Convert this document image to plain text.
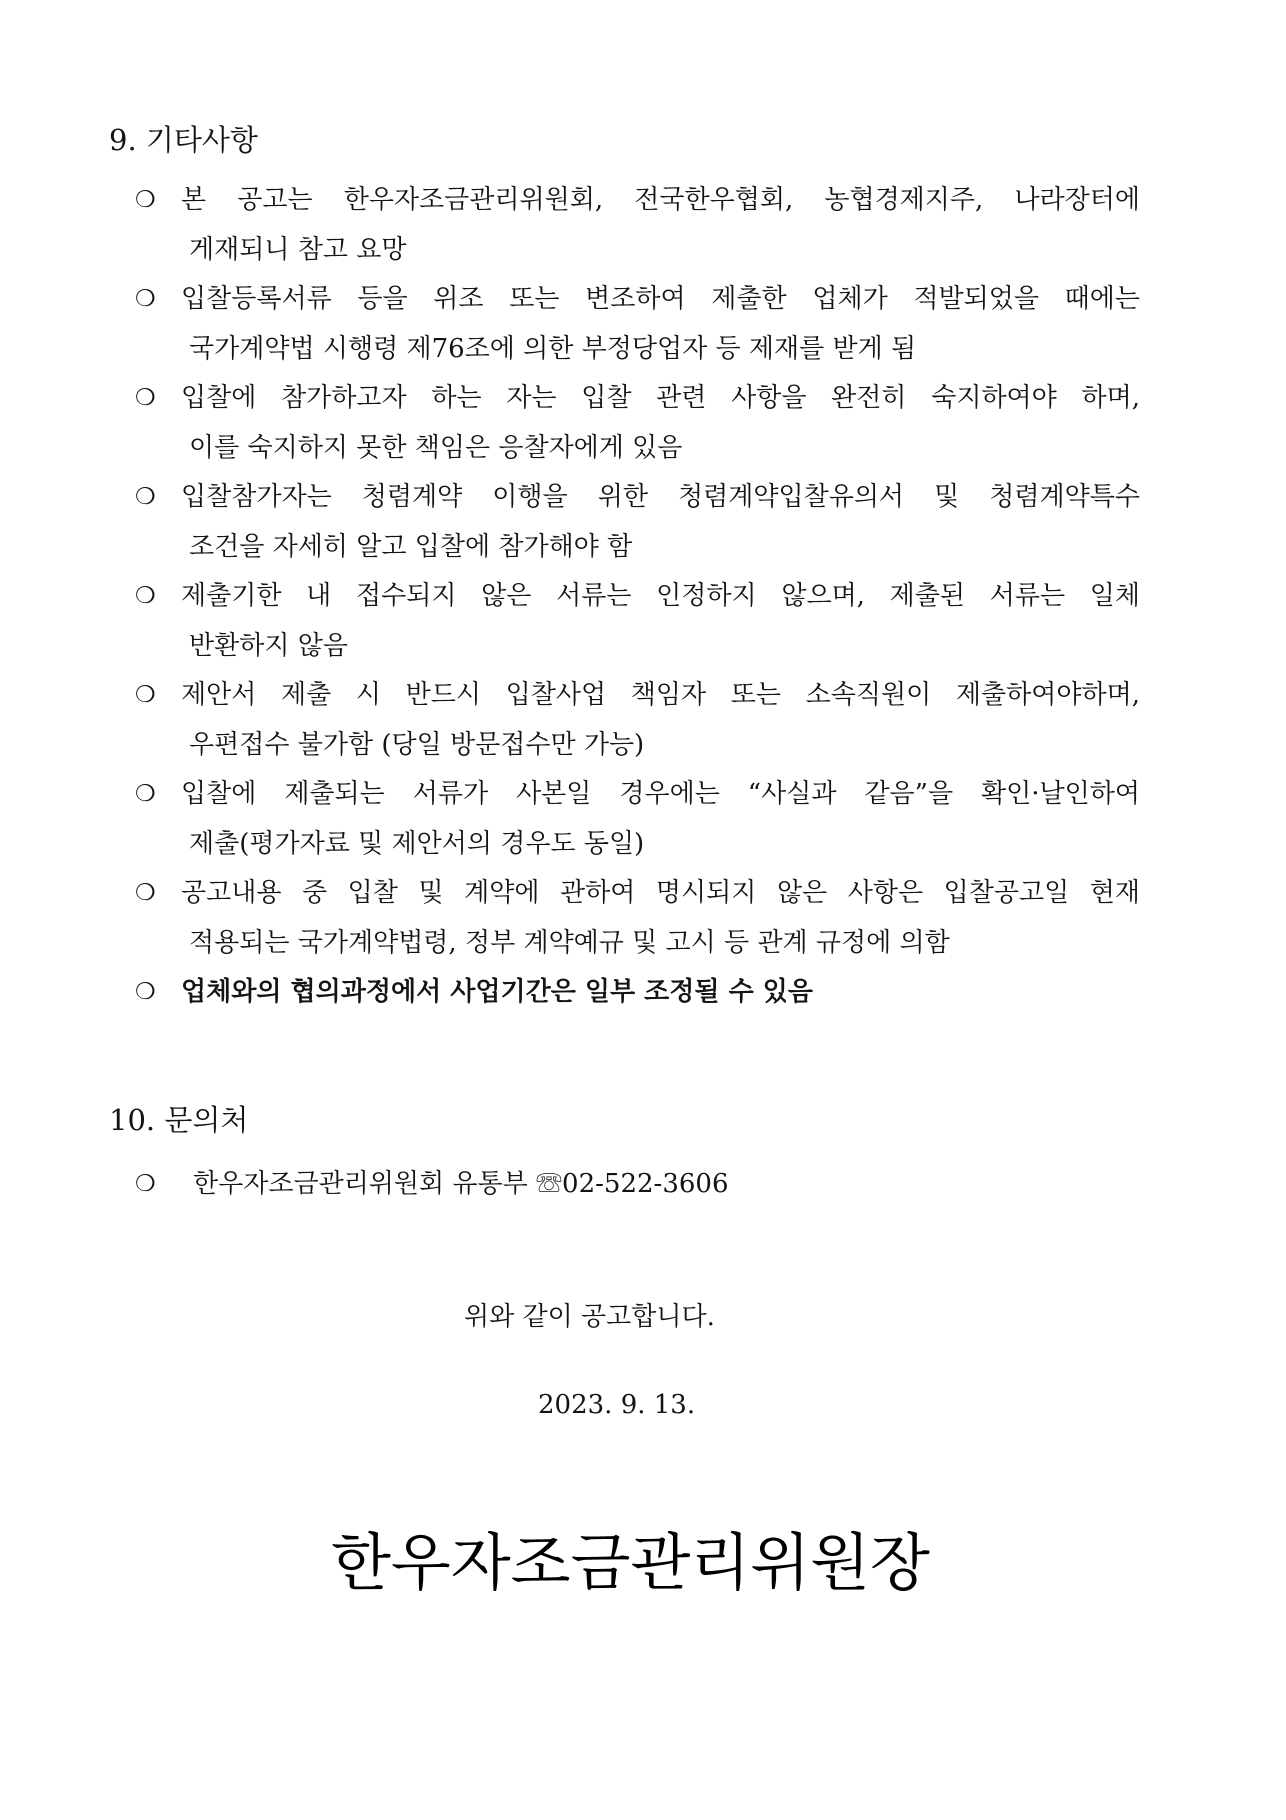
9. 기타사항
❍ 본 공고는 한우자조금관리위원회, 전국한우협회, 농협경제지주, 나라장터에
게재되니 참고 요망
❍ 입찰등록서류 등을 위조 또는 변조하여 제출한 업체가 적발되었을 때에는
국가계약법 시행령 제76조에 의한 부정당업자 등 제재를 받게 됨
❍ 입찰에 참가하고자 하는 자는 입찰 관련 사항을 완전히 숙지하여야 하며,
이를 숙지하지 못한 책임은 응찰자에게 있음
❍ 입찰참가자는 청렴계약 이행을 위한 청렴계약입찰유의서 및 청렴계약특수
조건을 자세히 알고 입찰에 참가해야 함
❍ 제출기한 내 접수되지 않은 서류는 인정하지 않으며, 제출된 서류는 일체
반환하지 않음
❍ 제안서 제출 시 반드시 입찰사업 책임자 또는 소속직원이 제출하여야하며,
우편접수 불가함 (당일 방문접수만 가능)
❍ 입찰에 제출되는 서류가 사본일 경우에는 “사실과 같음”을 확인·날인하여
제출(평가자료 및 제안서의 경우도 동일)
❍ 공고내용 중 입찰 및 계약에 관하여 명시되지 않은 사항은 입찰공고일 현재
적용되는 국가계약법령, 정부 계약예규 및 고시 등 관계 규정에 의함
❍ 업체와의 협의과정에서 사업기간은 일부 조정될 수 있음
10. 문의처
❍	한우자조금관리위원회 유통부 ☏02-522-3606
위와 같이 공고합니다.
2023. 9. 13.
한우자조금관리위원장
